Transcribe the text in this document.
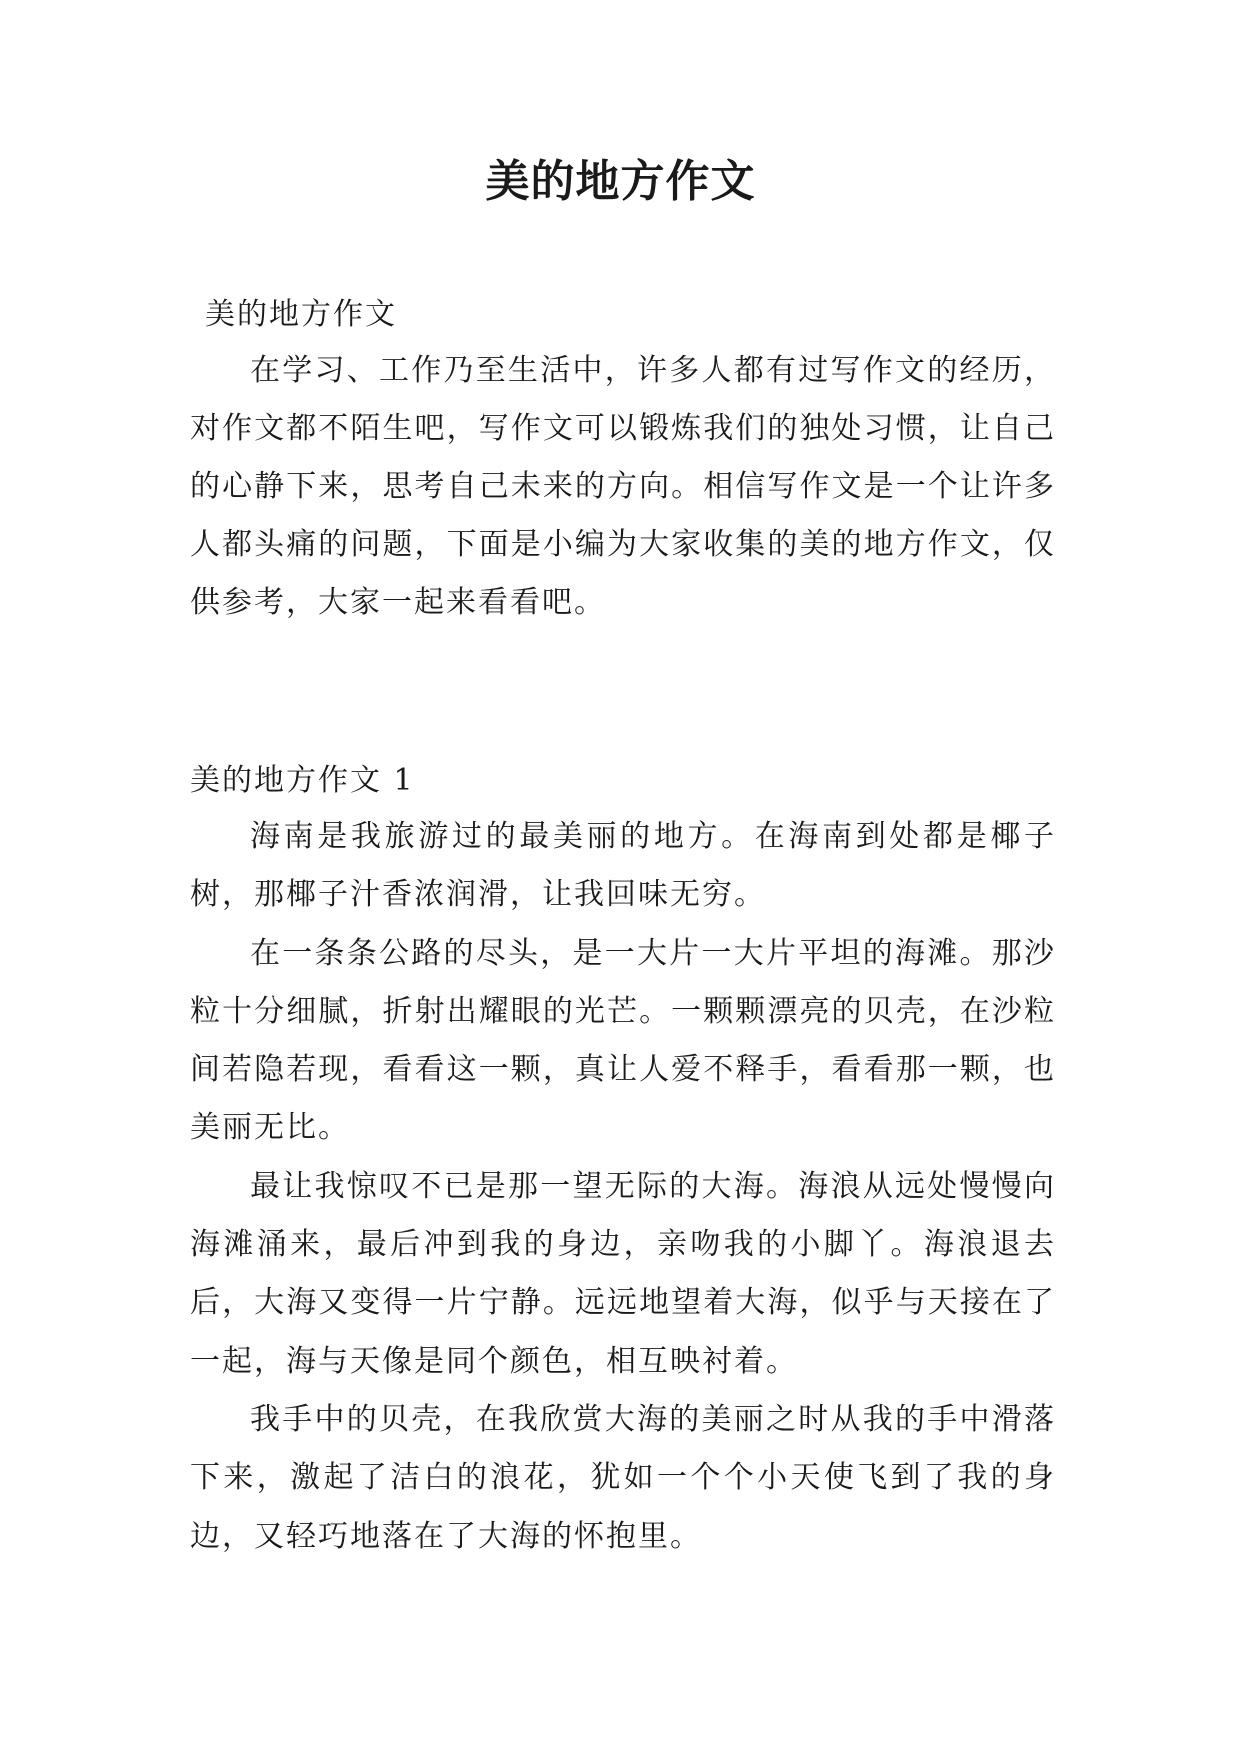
美的地方作文

美的地方作文

在学习、工作乃至生活中，许多人都有过写作文的经历，对作文都不陌生吧，写作文可以锻炼我们的独处习惯，让自己的心静下来，思考自己未来的方向。相信写作文是一个让许多人都头痛的问题，下面是小编为大家收集的美的地方作文，仅供参考，大家一起来看看吧。

美的地方作文 1

海南是我旅游过的最美丽的地方。在海南到处都是椰子树，那椰子汁香浓润滑，让我回味无穷。

在一条条公路的尽头，是一大片一大片平坦的海滩。那沙粒十分细腻，折射出耀眼的光芒。一颗颗漂亮的贝壳，在沙粒间若隐若现，看看这一颗，真让人爱不释手，看看那一颗，也美丽无比。

最让我惊叹不已是那一望无际的大海。海浪从远处慢慢向海滩涌来，最后冲到我的身边，亲吻我的小脚丫。海浪退去后，大海又变得一片宁静。远远地望着大海，似乎与天接在了一起，海与天像是同个颜色，相互映衬着。

我手中的贝壳，在我欣赏大海的美丽之时从我的手中滑落下来，激起了洁白的浪花，犹如一个个小天使飞到了我的身边，又轻巧地落在了大海的怀抱里。
